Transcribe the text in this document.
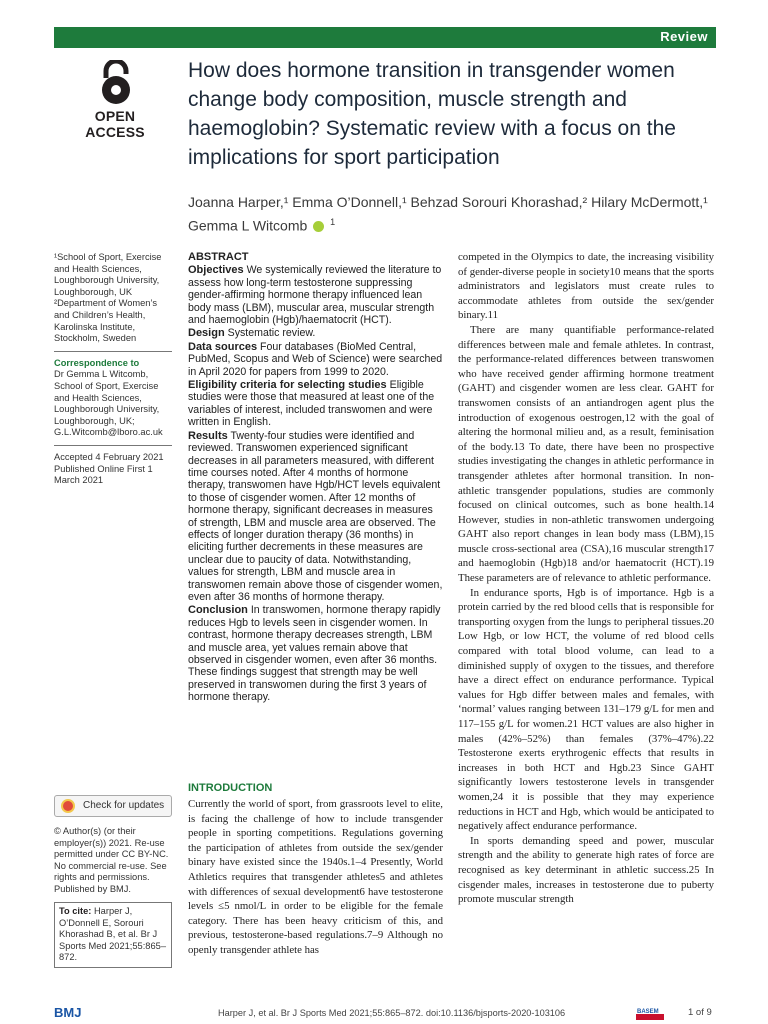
Review
OPEN ACCESS
How does hormone transition in transgender women change body composition, muscle strength and haemoglobin? Systematic review with a focus on the implications for sport participation
Joanna Harper,¹ Emma O’Donnell,¹ Behzad Sorouri Khorashad,² Hilary McDermott,¹
Gemma L Witcomb	$^1$
¹School of Sport, Exercise and Health Sciences, Loughborough University, Loughborough, UK ²Department of Women’s and Children’s Health, Karolinska Institute, Stockholm, Sweden
Correspondence to
Dr Gemma L Witcomb, School of Sport, Exercise and Health Sciences, Loughborough University, Loughborough, UK; G.L.Witcomb@lboro.ac.uk
Accepted 4 February 2021 Published Online First 1 March 2021
Check for updates
© Author(s) (or their employer(s)) 2021. Re-use permitted under CC BY-NC. No commercial re-use. See rights and permissions. Published by BMJ.
To cite: Harper J, O’Donnell E, Sorouri Khorashad B, et al. Br J Sports Med 2021;55:865–872.
ABSTRACT

Objectives We systemically reviewed the literature to assess how long-term testosterone suppressing gender-affirming hormone therapy influenced lean body mass (LBM), muscular area, muscular strength and haemoglobin (Hgb)/haematocrit (HCT).

Design Systematic review.

Data sources Four databases (BioMed Central, PubMed, Scopus and Web of Science) were searched in April 2020 for papers from 1999 to 2020.

Eligibility criteria for selecting studies Eligible studies were those that measured at least one of the variables of interest, included transwomen and were written in English.

Results Twenty-four studies were identified and reviewed. Transwomen experienced significant decreases in all parameters measured, with different time courses noted. After 4 months of hormone therapy, transwomen have Hgb/HCT levels equivalent to those of cisgender women. After 12 months of hormone therapy, significant decreases in measures of strength, LBM and muscle area are observed. The effects of longer duration therapy (36 months) in eliciting further decrements in these measures are unclear due to paucity of data. Notwithstanding, values for strength, LBM and muscle area in transwomen remain above those of cisgender women, even after 36 months of hormone therapy.

Conclusion In transwomen, hormone therapy rapidly reduces Hgb to levels seen in cisgender women. In contrast, hormone therapy decreases strength, LBM and muscle area, yet values remain above that observed in cisgender women, even after 36 months. These findings suggest that strength may be well preserved in transwomen during the first 3 years of hormone therapy.

INTRODUCTION

Currently the world of sport, from grassroots level to elite, is facing the challenge of how to include transgender people in sporting competitions. Regulations governing the participation of athletes from outside the sex/gender binary have existed since the 1940s.1–4 Presently, World Athletics requires that transgender athletes5 and athletes with differences of sexual development6 have testosterone levels ≤5 nmol/L in order to be eligible for the female category. There has been heavy criticism of this, and previous, testosterone-based regulations.7–9 Although no openly transgender athlete has

competed in the Olympics to date, the increasing visibility of gender-diverse people in society10 means that the sports administrators and legislators must create rules to accommodate athletes from outside the sex/gender binary.11

There are many quantifiable performance-related differences between male and female athletes. In contrast, the performance-related differences between transwomen who have received gender affirming hormone treatment (GAHT) and cisgender women are less clear. GAHT for transwomen consists of an antiandrogen agent plus the introduction of exogenous oestrogen,12 with the goal of altering the hormonal milieu and, as a result, feminisation of the body.13 To date, there have been no prospective studies investigating the changes in athletic performance in transgender athletes after hormonal transition. In non-athletic transgender populations, studies are commonly focused on clinical outcomes, such as bone health.14 However, studies in non-athletic transwomen undergoing GAHT also report changes in lean body mass (LBM),15 muscle cross-sectional area (CSA),16 muscular strength17 and haemoglobin (Hgb)18 and/or haematocrit (HCT).19 These parameters are of relevance to athletic performance.

In endurance sports, Hgb is of importance. Hgb is a protein carried by the red blood cells that is responsible for transporting oxygen from the lungs to peripheral tissues.20 Low Hgb, or low HCT, the volume of red blood cells compared with total blood volume, can lead to a diminished supply of oxygen to the tissues, and therefore have a direct effect on endurance performance. Typical values for Hgb differ between males and females, with ‘normal’ values ranging between 131–179 g/L for men and 117–155 g/L for women.21 HCT values are also higher in males (42%–52%) than females (37%–47%).22 Testosterone exerts erythrogenic effects that results in increases in both HCT and Hgb.23 Since GAHT significantly lowers testosterone levels in transgender women,24 it is possible that they may experience reductions in HCT and Hgb, which would be anticipated to negatively affect endurance performance.

In sports demanding speed and power, muscular strength and the ability to generate high rates of force are recognised as key determinant in athletic success.25 In cisgender males, increases in testosterone due to puberty promote muscular strength

BMJ	Harper J, et al. Br J Sports Med 2021;55:865–872. doi:10.1136/bjsports-2020-103106	BASEM	1 of 9
